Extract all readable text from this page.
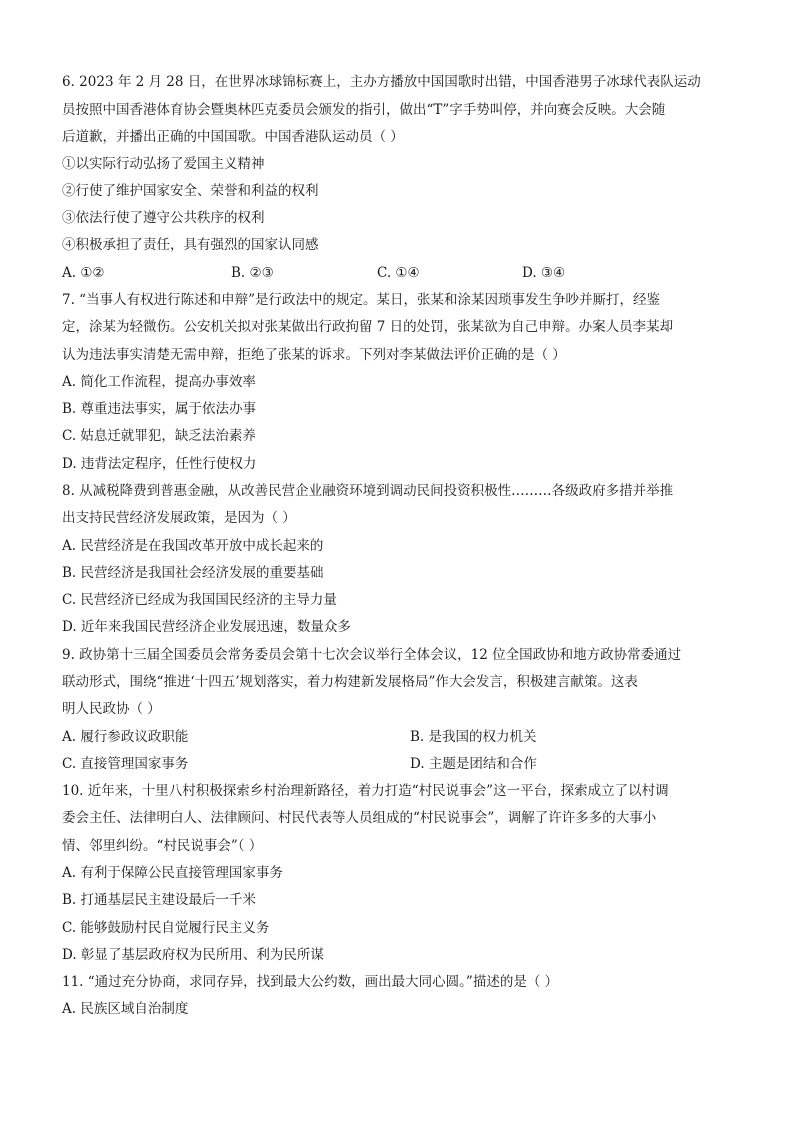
6. 2023 年 2 月 28 日，在世界冰球锦标赛上，主办方播放中国国歌时出错，中国香港男子冰球代表队运动
员按照中国香港体育协会暨奥林匹克委员会颁发的指引，做出“T”字手势叫停，并向赛会反映。大会随
后道歉，并播出正确的中国国歌。中国香港队运动员（ ）
①以实际行动弘扬了爱国主义精神
②行使了维护国家安全、荣誉和利益的权利
③依法行使了遵守公共秩序的权利
④积极承担了责任，具有强烈的国家认同感
A. ①②	B. ②③	C. ①④	D. ③④
7. “当事人有权进行陈述和申辩”是行政法中的规定。某日，张某和涂某因琐事发生争吵并厮打，经鉴
定，涂某为轻微伤。公安机关拟对张某做出行政拘留 7 日的处罚，张某欲为自己申辩。办案人员李某却
认为违法事实清楚无需申辩，拒绝了张某的诉求。下列对李某做法评价正确的是（ ）
A. 简化工作流程，提高办事效率
B. 尊重违法事实，属于依法办事
C. 姑息迁就罪犯，缺乏法治素养
D. 违背法定程序，任性行使权力
8. 从减税降费到普惠金融，从改善民营企业融资环境到调动民间投资积极性………各级政府多措并举推
出支持民营经济发展政策，是因为（ ）
A. 民营经济是在我国改革开放中成长起来的
B. 民营经济是我国社会经济发展的重要基础
C. 民营经济已经成为我国国民经济的主导力量
D. 近年来我国民营经济企业发展迅速，数量众多
9. 政协第十三届全国委员会常务委员会第十七次会议举行全体会议，12 位全国政协和地方政协常委通过
联动形式，围绕“推进‘十四五’规划落实，着力构建新发展格局”作大会发言，积极建言献策。这表
明人民政协（ ）
A. 履行参政议政职能	B. 是我国的权力机关
C. 直接管理国家事务	D. 主题是团结和合作
10. 近年来，十里八村积极探索乡村治理新路径，着力打造“村民说事会”这一平台，探索成立了以村调
委会主任、法律明白人、法律顾问、村民代表等人员组成的“村民说事会”，调解了许许多多的大事小
情、邻里纠纷。“村民说事会”（ ）
A. 有利于保障公民直接管理国家事务
B. 打通基层民主建设最后一千米
C. 能够鼓励村民自觉履行民主义务
D. 彰显了基层政府权为民所用、利为民所谋
11. “通过充分协商，求同存异，找到最大公约数，画出最大同心圆。”描述的是（ ）
A. 民族区域自治制度
